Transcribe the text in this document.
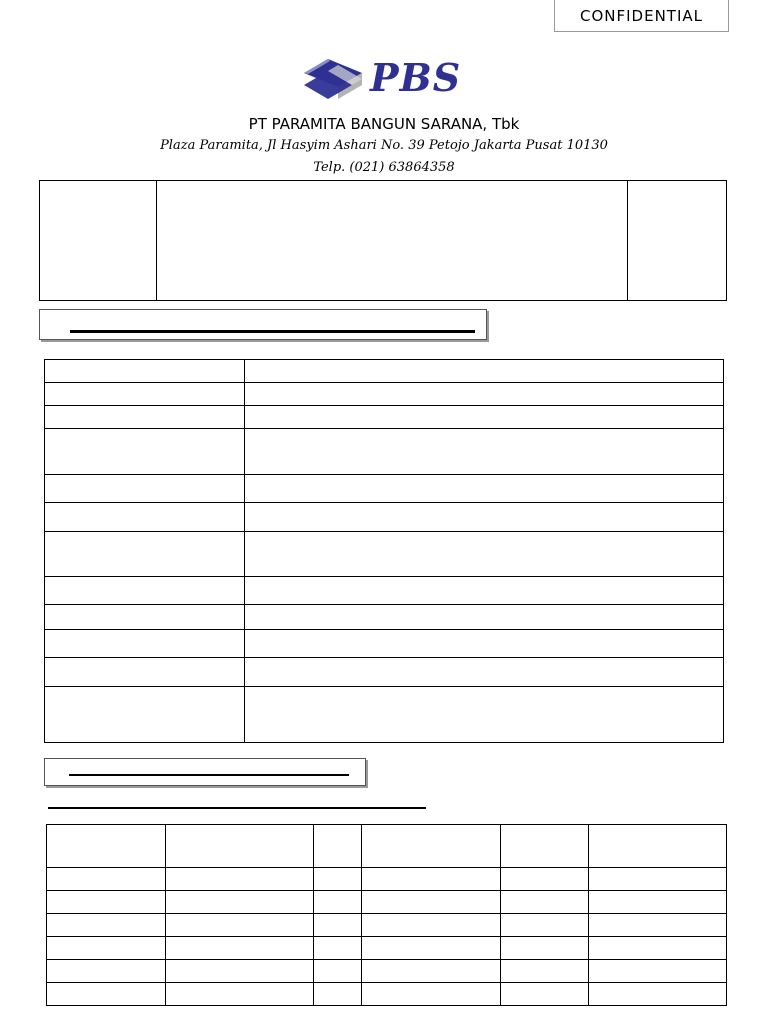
CONFIDENTIAL
PBS
PT PARAMITA BANGUN SARANA, Tbk
Plaza Paramita, Jl Hasyim Ashari No. 39 Petojo Jakarta Pusat 10130
Telp. (021) 63864358
